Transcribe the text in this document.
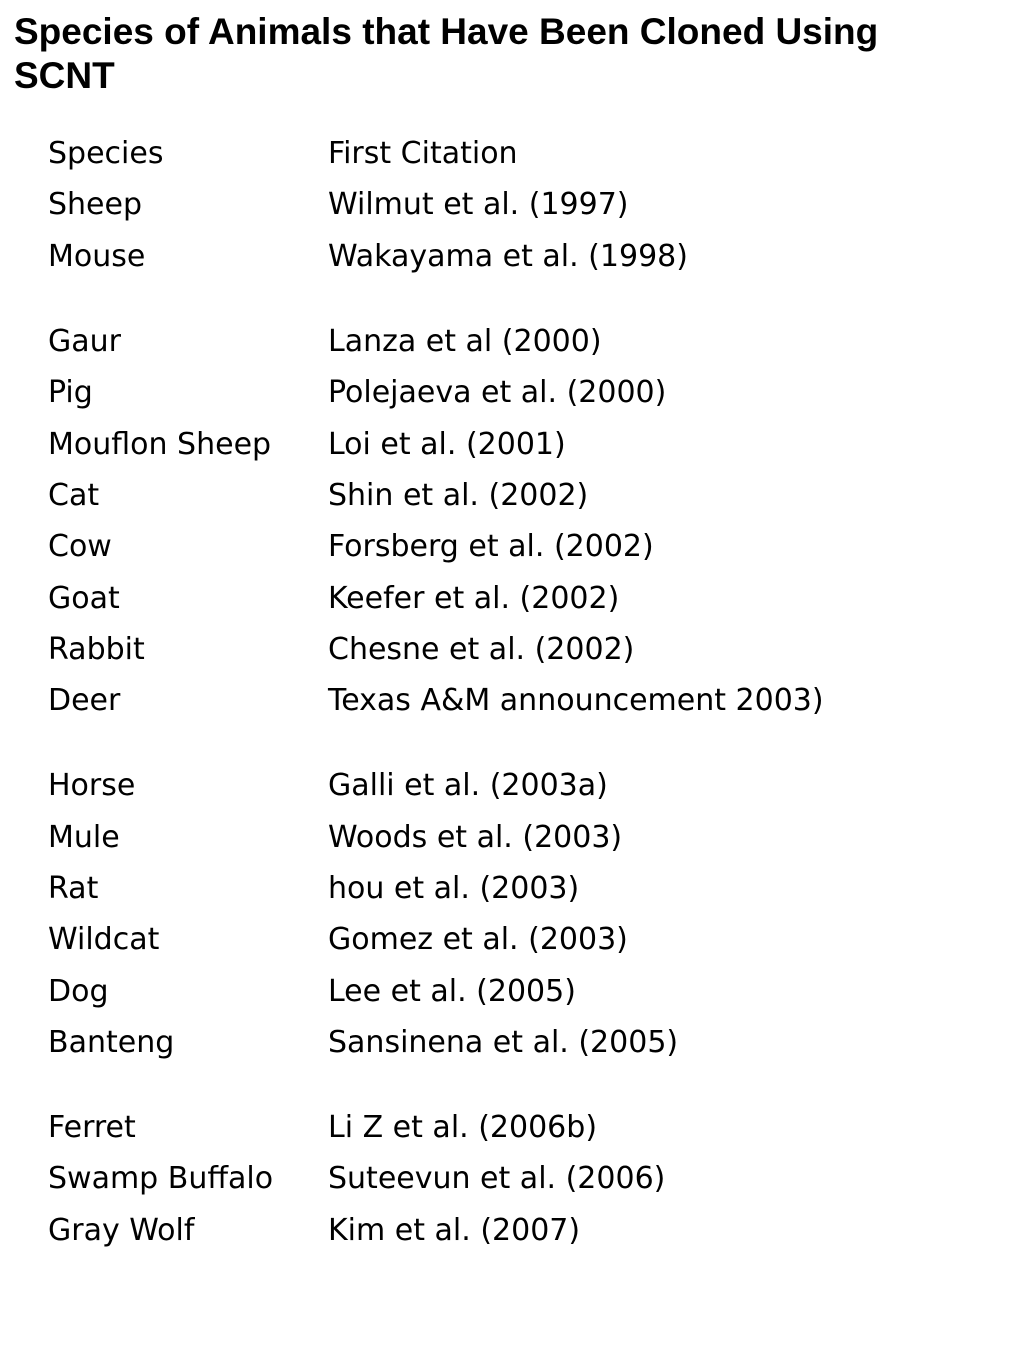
Species of Animals that Have Been Cloned Using SCNT
Species	First Citation
Sheep	Wilmut et al. (1997)
Mouse	Wakayama et al. (1998)
Gaur	Lanza et al (2000)
Pig	Polejaeva et al. (2000)
Mouflon Sheep	Loi et al. (2001)
Cat	Shin et al. (2002)
Cow	Forsberg et al. (2002)
Goat	Keefer et al. (2002)
Rabbit	Chesne et al. (2002)
Deer	Texas A&M announcement 2003)
Horse	Galli et al. (2003a)
Mule	Woods et al. (2003)
Rat	hou et al. (2003)
Wildcat	Gomez et al. (2003)
Dog	Lee et al. (2005)
Banteng	Sansinena et al. (2005)
Ferret	Li Z et al. (2006b)
Swamp Buffalo	Suteevun et al. (2006)
Gray Wolf	Kim et al. (2007)
